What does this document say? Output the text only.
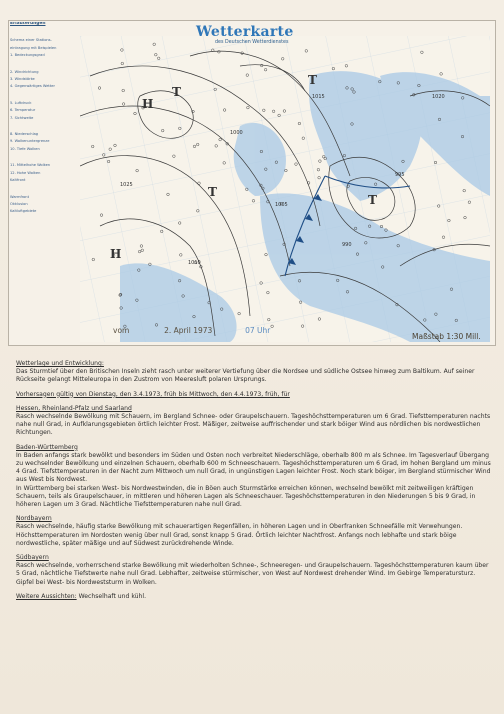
Erläuterungen
Schema einer Stations-
eintragung mit Beispielen
1. Bedeckungsgrad
2. Windrichtung
3. Windstärke
4. Gegenwärtiges Wetter
5. Luftdruck
6. Temperatur
7. Sichtweite
8. Niederschlag
9. Wolkenuntergrenze
10. Tiefe Wolken
11. Mittelhohe Wolken
12. Hohe Wolken
Kaltfront
Warmfront
Okklusion
Kaltluftgebiete
H
T
T
T
H
T
1000
1005
1010
1015	1020
1025
995
990
Wetterkarte
des Deutschen Wetterdienstes
vom	2. April 1973	07 Uhr
Maßstab 1:30 Mill.

Wetterlage und Entwicklung:

Das Sturmtief über den Britischen Inseln zieht rasch unter weiterer Vertiefung über die Nordsee und südliche Ostsee hinweg zum Baltikum. Auf seiner Rückseite gelangt Mitteleuropa in den Zustrom von Meeresluft polaren Ursprungs.

Vorhersagen gültig von Dienstag, den 3.4.1973, früh bis Mittwoch, den 4.4.1973, früh, für

Hessen, Rheinland-Pfalz und Saarland

Rasch wechselnde Bewölkung mit Schauern, im Bergland Schnee- oder Graupelschauern. Tageshöchsttemperaturen um 6 Grad. Tiefsttemperaturen nachts nahe null Grad, in Aufklarungsgebieten örtlich leichter Frost. Mäßiger, zeitweise auffrischender und stark böiger Wind aus nördlichen bis nordwestlichen Richtungen.

Baden-Württemberg

In Baden anfangs stark bewölkt und besonders im Süden und Osten noch verbreitet Niederschläge, oberhalb 800 m als Schnee. Im Tagesverlauf Übergang zu wechselnder Bewölkung und einzelnen Schauern, oberhalb 600 m Schneeschauern. Tageshöchsttemperaturen um 6 Grad, im hohen Bergland um minus 4 Grad. Tiefsttemperaturen in der Nacht zum Mittwoch um null Grad, in ungünstigen Lagen leichter Frost. Noch stark böiger, im Bergland stürmischer Wind aus West bis Nordwest.

In Württemberg bei starken West- bis Nordwestwinden, die in Böen auch Sturmstärke erreichen können, wechselnd bewölkt mit zeitweiligen kräftigen Schauern, teils als Graupelschauer, in mittleren und höheren Lagen als Schneeschauer. Tageshöchsttemperaturen in den Niederungen 5 bis 9 Grad, in höheren Lagen um 3 Grad. Nächtliche Tiefsttemperaturen nahe null Grad.

Nordbayern

Rasch wechselnde, häufig starke Bewölkung mit schauerartigen Regenfällen, in höheren Lagen und in Oberfranken Schneefälle mit Verwehungen. Höchsttemperaturen im Nordosten wenig über null Grad, sonst knapp 5 Grad. Örtlich leichter Nachtfrost. Anfangs noch lebhafte und stark böige nordwestliche, später mäßige und auf Südwest zurückdrehende Winde.

Südbayern

Rasch wechselnde, vorherrschend starke Bewölkung mit wiederholten Schnee-, Schneeregen- und Graupelschauern. Tageshöchsttemperaturen kaum über 5 Grad, nächtliche Tiefstwerte nahe null Grad. Lebhafter, zeitweise stürmischer, von West auf Nordwest drehender Wind. Im Gebirge Temperatursturz. Gipfel bei West- bis Nordweststurm in Wolken.

Weitere Aussichten: Wechselhaft und kühl.
